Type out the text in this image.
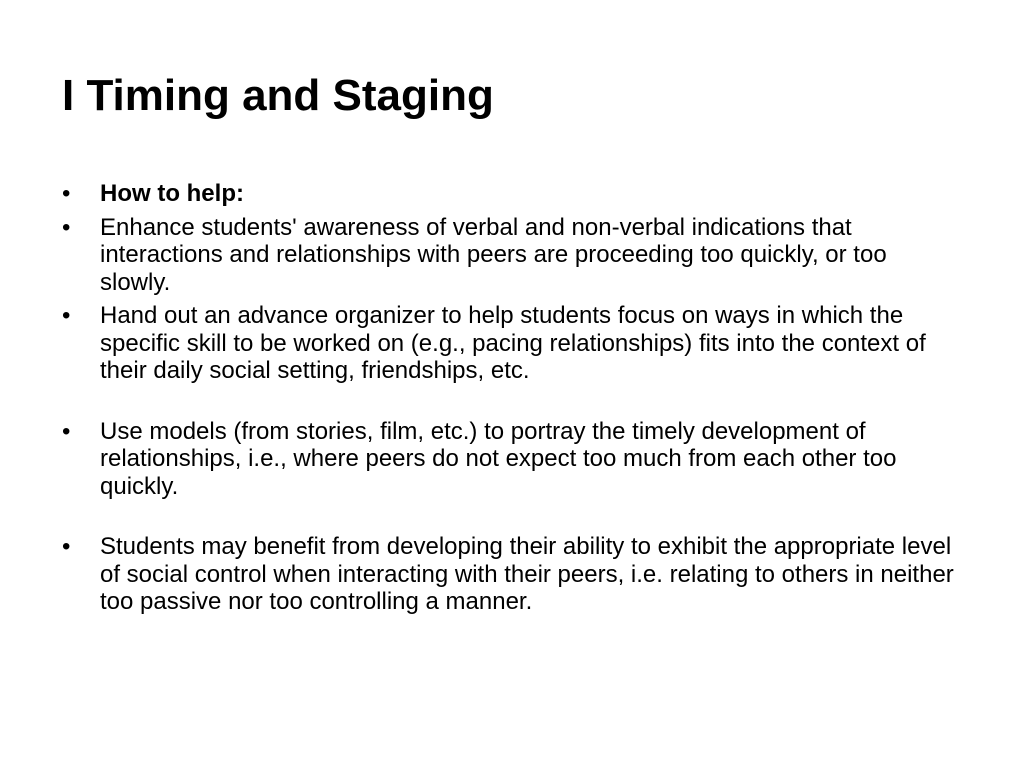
I Timing and Staging
•	How to help:
•	Enhance students' awareness of verbal and non-verbal indications that interactions and relationships with peers are proceeding too quickly, or too slowly.
•	Hand out an advance organizer to help students focus on ways in which the specific skill to be worked on (e.g., pacing relationships) fits into the context of their daily social setting, friendships, etc.
•	Use models (from stories, film, etc.) to portray the timely development of relationships, i.e., where peers do not expect too much from each other too quickly.
•	Students may benefit from developing their ability to exhibit the appropriate level of social control when interacting with their peers, i.e. relating to others in neither too passive nor too controlling a manner.
